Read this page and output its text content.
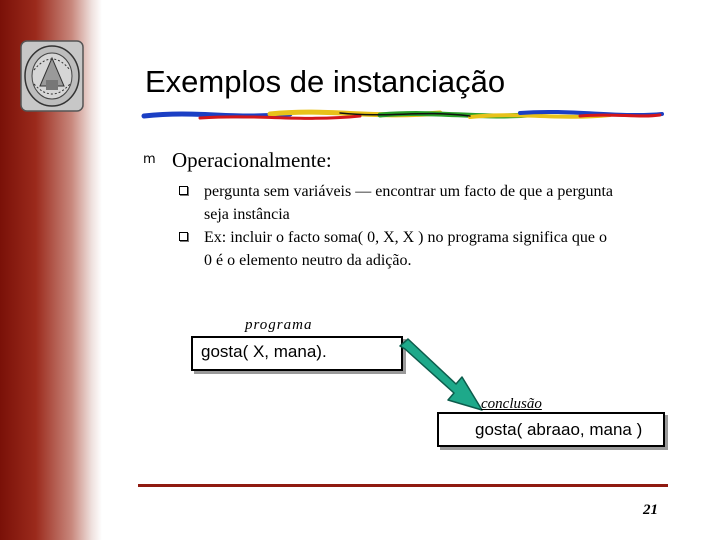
Exemplos de instanciação
m Operacionalmente:
pergunta sem variáveis — encontrar um facto de que a pergunta
seja instância
Ex: incluir o facto soma( 0, X, X ) no programa significa que o
0 é o elemento neutro da adição.
programa
gosta( X, mana).
conclusão
gosta( abraao, mana )
21
